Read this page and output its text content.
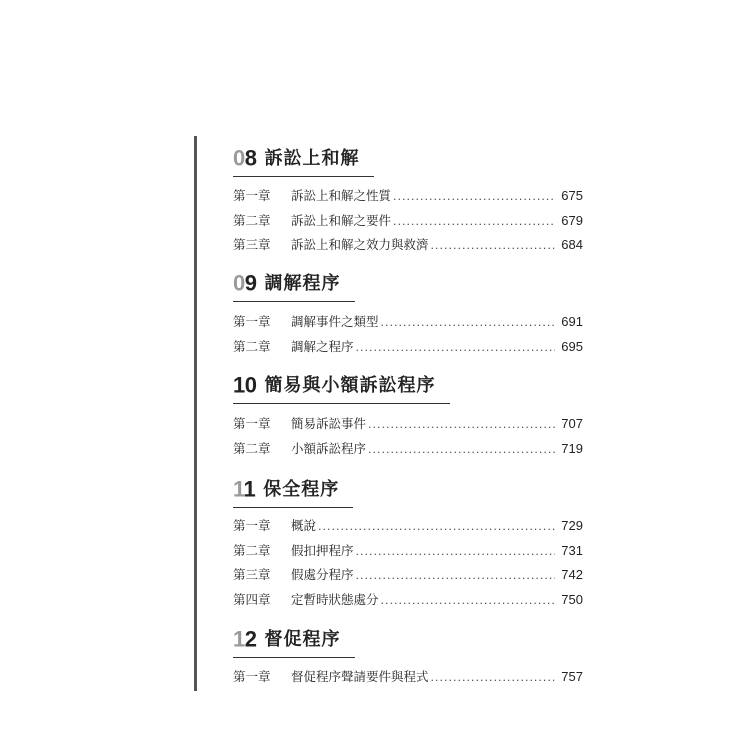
08 訴訟上和解
第一章	訴訟上和解之性質 .....	675
第二章	訴訟上和解之要件 .....	679
第三章	訴訟上和解之效力與救濟 .....	684
09 調解程序
第一章	調解事件之類型 .....	691
第二章	調解之程序 .....	695
10 簡易與小額訴訟程序
第一章	簡易訴訟事件 .....	707
第二章	小額訴訟程序 .....	719
11 保全程序
第一章	概說 .....	729
第二章	假扣押程序 .....	731
第三章	假處分程序 .....	742
第四章	定暫時狀態處分 .....	750
12 督促程序
第一章	督促程序聲請要件與程式 .....	757
